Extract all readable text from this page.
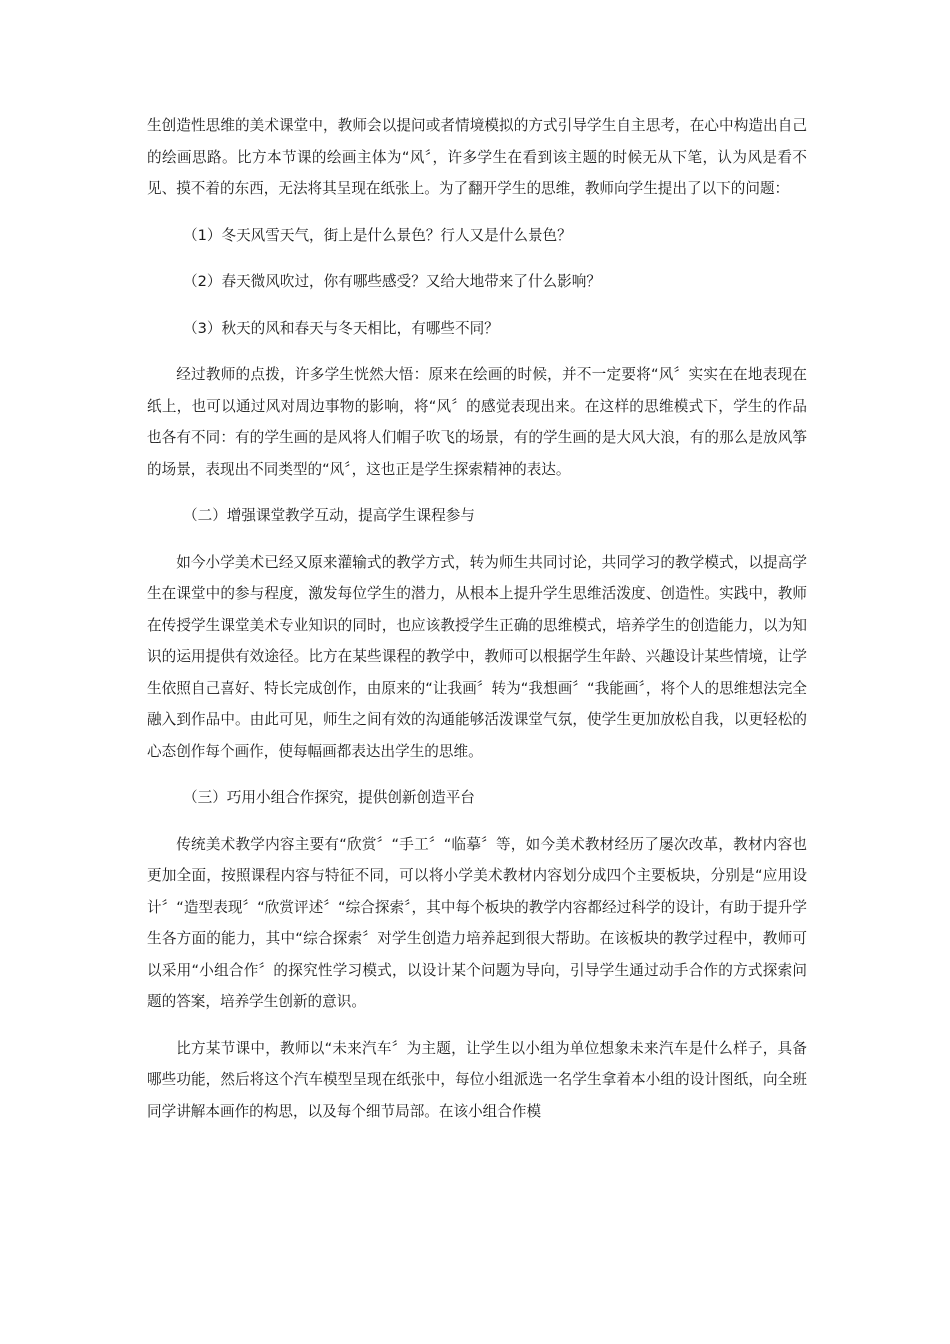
生创造性思维的美术课堂中，教师会以提问或者情境模拟的方式引导学生自主思考，在心中构造出自己的绘画思路。比方本节课的绘画主体为“风〞，许多学生在看到该主题的时候无从下笔，认为风是看不见、摸不着的东西，无法将其呈现在纸张上。为了翻开学生的思维，教师向学生提出了以下的问题：

（1）冬天风雪天气，街上是什么景色？行人又是什么景色？

（2）春天微风吹过，你有哪些感受？又给大地带来了什么影响？

（3）秋天的风和春天与冬天相比，有哪些不同？

经过教师的点拨，许多学生恍然大悟：原来在绘画的时候，并不一定要将“风〞实实在在地表现在纸上，也可以通过风对周边事物的影响，将“风〞的感觉表现出来。在这样的思维模式下，学生的作品也各有不同：有的学生画的是风将人们帽子吹飞的场景，有的学生画的是大风大浪，有的那么是放风筝的场景，表现出不同类型的“风〞，这也正是学生探索精神的表达。

（二）增强课堂教学互动，提高学生课程参与

如今小学美术已经又原来灌输式的教学方式，转为师生共同讨论，共同学习的教学模式，以提高学生在课堂中的参与程度，激发每位学生的潜力，从根本上提升学生思维活泼度、创造性。实践中，教师在传授学生课堂美术专业知识的同时，也应该教授学生正确的思维模式，培养学生的创造能力，以为知识的运用提供有效途径。比方在某些课程的教学中，教师可以根据学生年龄、兴趣设计某些情境，让学生依照自己喜好、特长完成创作，由原来的“让我画〞转为“我想画〞“我能画〞，将个人的思维想法完全融入到作品中。由此可见，师生之间有效的沟通能够活泼课堂气氛，使学生更加放松自我，以更轻松的心态创作每个画作，使每幅画都表达出学生的思维。

（三）巧用小组合作探究，提供创新创造平台

传统美术教学内容主要有“欣赏〞“手工〞“临摹〞等，如今美术教材经历了屡次改革，教材内容也更加全面，按照课程内容与特征不同，可以将小学美术教材内容划分成四个主要板块，分别是“应用设计〞“造型表现〞“欣赏评述〞“综合探索〞，其中每个板块的教学内容都经过科学的设计，有助于提升学生各方面的能力，其中“综合探索〞对学生创造力培养起到很大帮助。在该板块的教学过程中，教师可以采用“小组合作〞的探究性学习模式，以设计某个问题为导向，引导学生通过动手合作的方式探索问题的答案，培养学生创新的意识。

比方某节课中，教师以“未来汽车〞为主题，让学生以小组为单位想象未来汽车是什么样子，具备哪些功能，然后将这个汽车模型呈现在纸张中，每位小组派选一名学生拿着本小组的设计图纸，向全班同学讲解本画作的构思，以及每个细节局部。在该小组合作模
